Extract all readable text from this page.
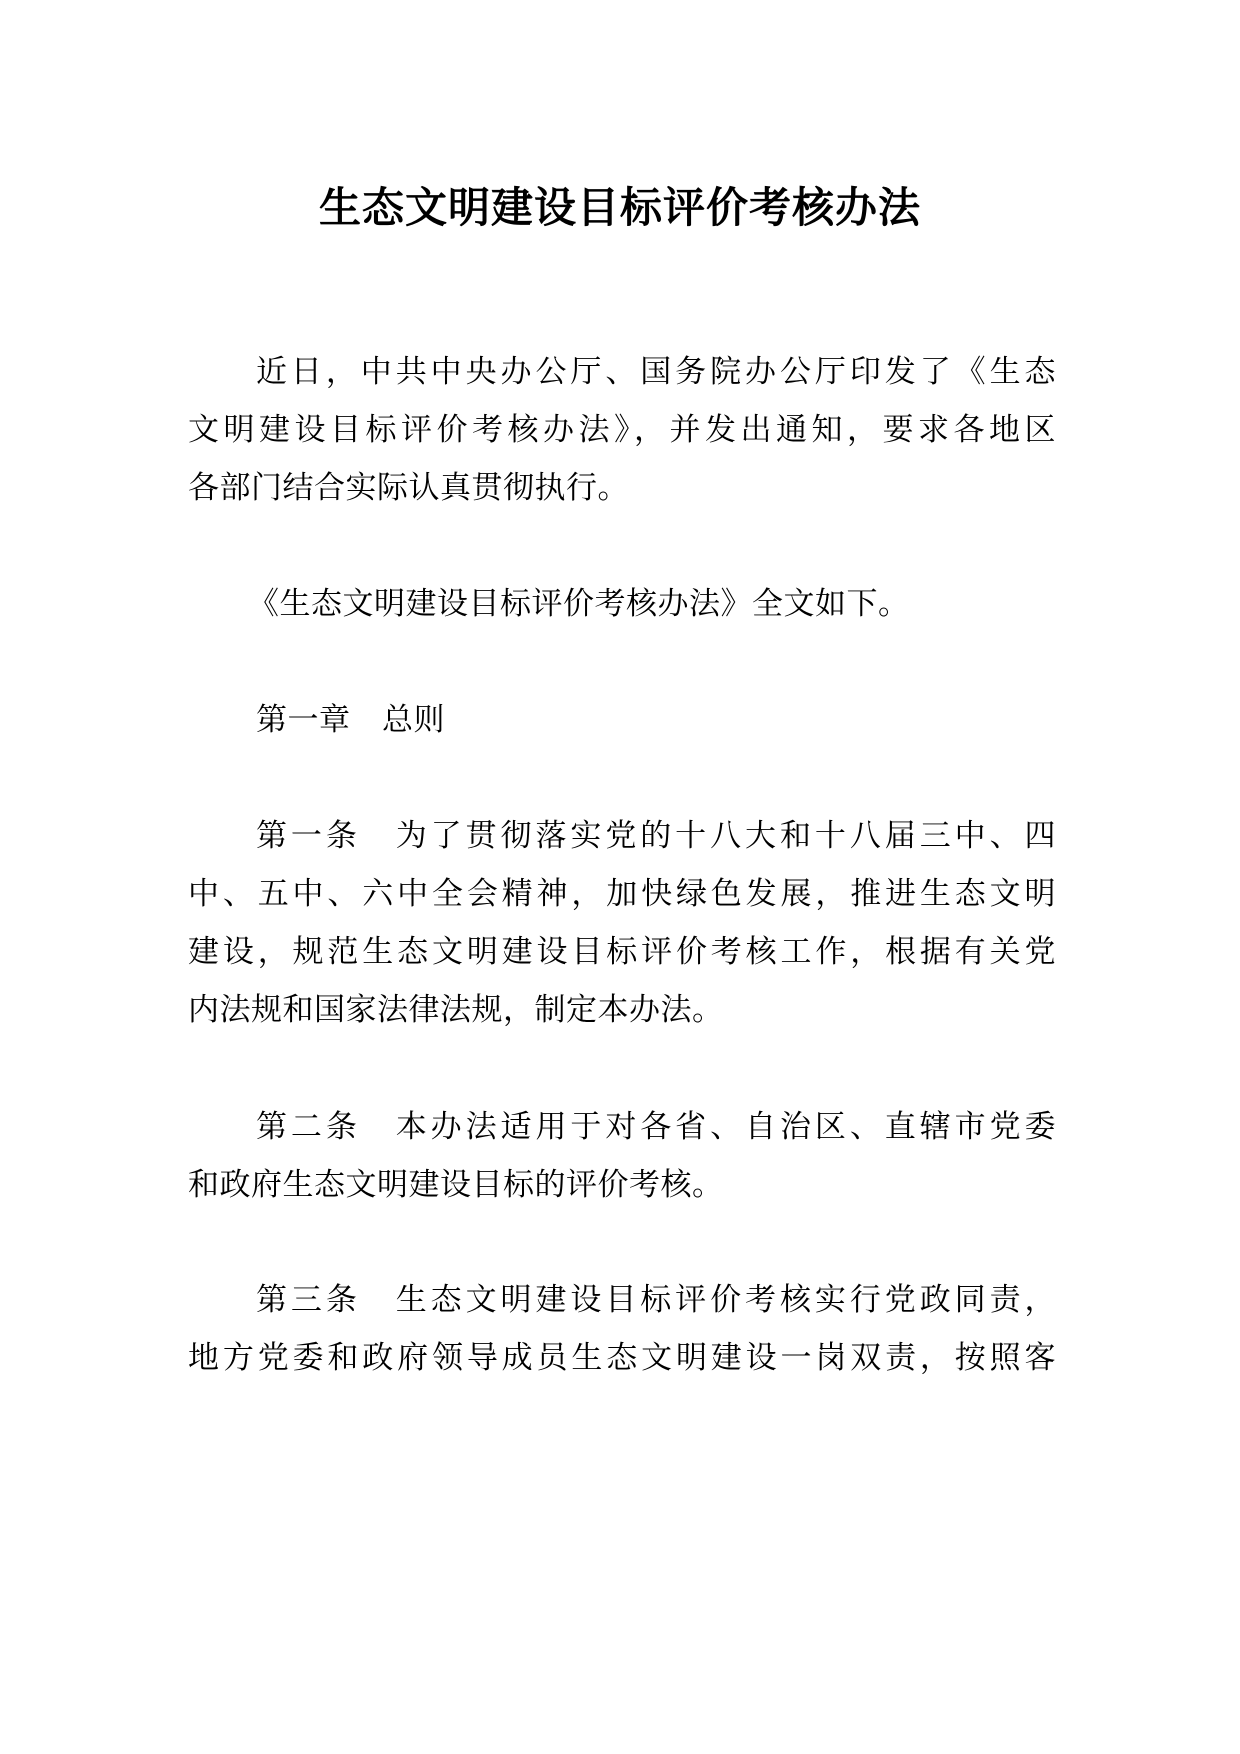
生态文明建设目标评价考核办法
近日，中共中央办公厅、国务院办公厅印发了《生态
文明建设目标评价考核办法》，并发出通知，要求各地区
各部门结合实际认真贯彻执行。
《生态文明建设目标评价考核办法》全文如下。
第一章　总则
第一条　为了贯彻落实党的十八大和十八届三中、四
中、五中、六中全会精神，加快绿色发展，推进生态文明
建设，规范生态文明建设目标评价考核工作，根据有关党
内法规和国家法律法规，制定本办法。
第二条　本办法适用于对各省、自治区、直辖市党委
和政府生态文明建设目标的评价考核。
第三条　生态文明建设目标评价考核实行党政同责，
地方党委和政府领导成员生态文明建设一岗双责，按照客
